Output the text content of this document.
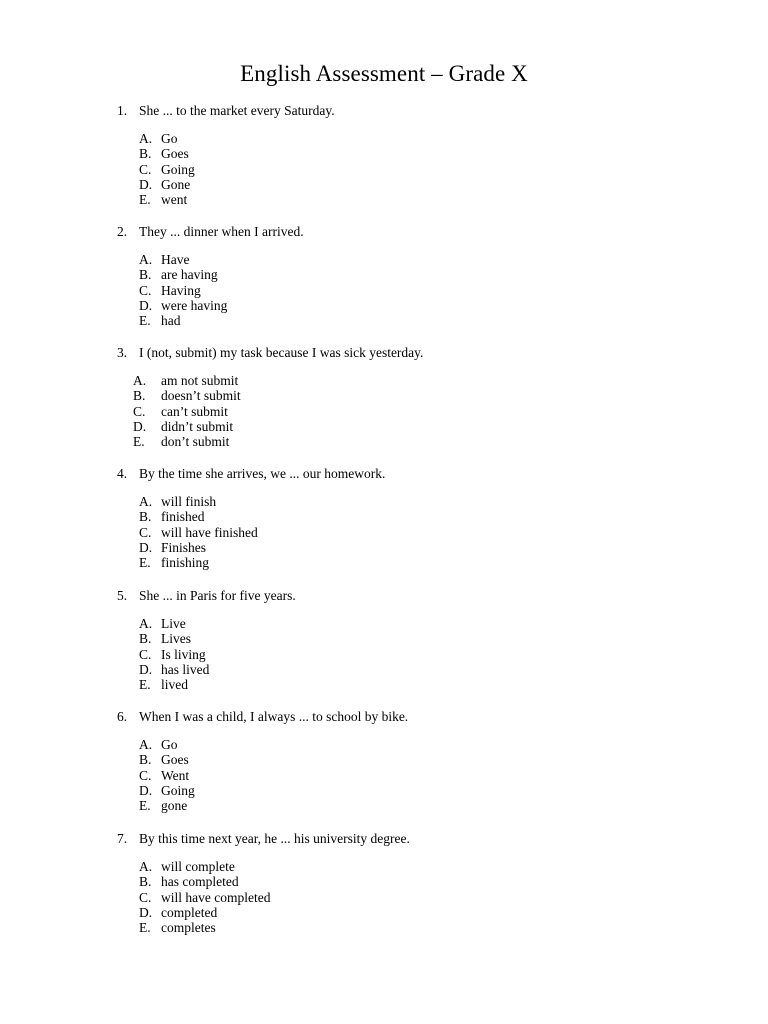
English Assessment – Grade X
1. She ... to the market every Saturday.
A. Go
B. Goes
C. Going
D. Gone
E. went
2. They ... dinner when I arrived.
A. Have
B. are having
C. Having
D. were having
E. had
3. I (not, submit) my task because I was sick yesterday.
A. am not submit
B. doesn’t submit
C. can’t submit
D. didn’t submit
E. don’t submit
4. By the time she arrives, we ... our homework.
A. will finish
B. finished
C. will have finished
D. Finishes
E. finishing
5. She ... in Paris for five years.
A. Live
B. Lives
C. Is living
D. has lived
E. lived
6. When I was a child, I always ... to school by bike.
A. Go
B. Goes
C. Went
D. Going
E. gone
7. By this time next year, he ... his university degree.
A. will complete
B. has completed
C. will have completed
D. completed
E. completes
